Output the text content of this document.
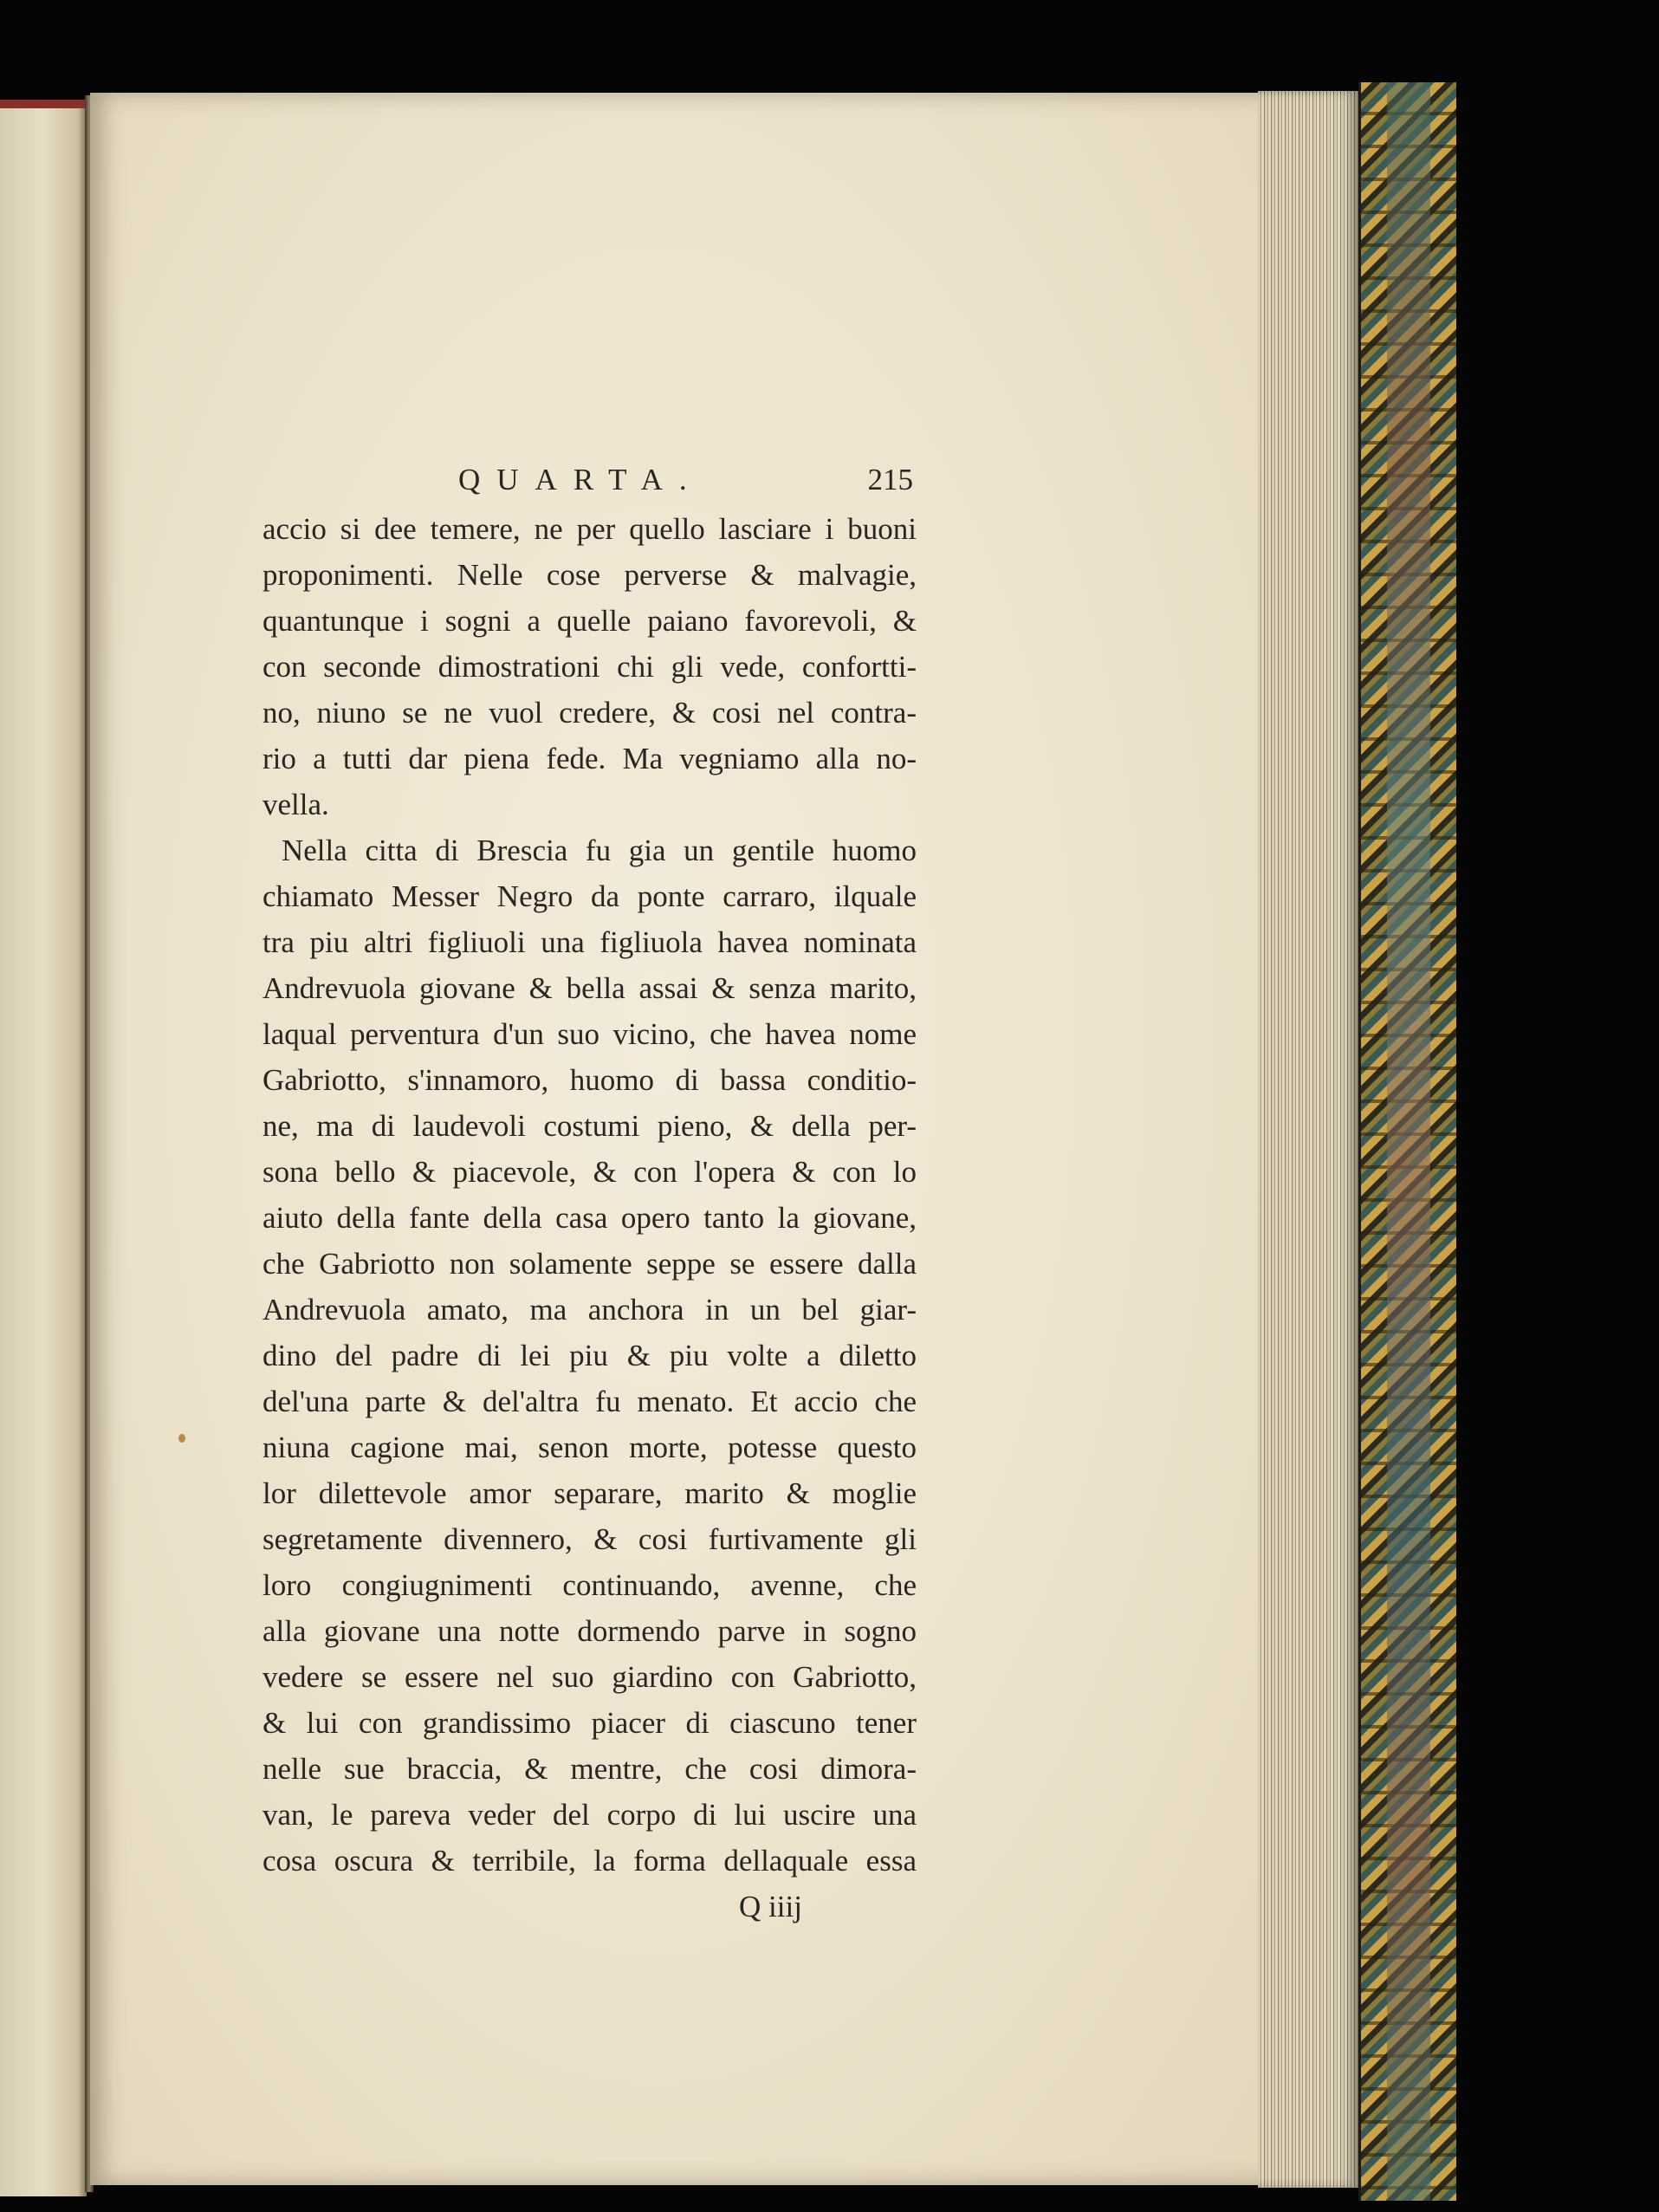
QUARTA.	215
accio si dee temere, ne per quello lasciare i buoni
proponimenti. Nelle cose perverse & malvagie,
quantunque i sogni a quelle paiano favorevoli, &
con seconde dimostrationi chi gli vede, confortti-
no, niuno se ne vuol credere, & cosi nel contra-
rio a tutti dar piena fede. Ma vegniamo alla no-
vella.
Nella citta di Brescia fu gia un gentile huomo
chiamato Messer Negro da ponte carraro, ilquale
tra piu altri figliuoli una figliuola havea nominata
Andrevuola giovane & bella assai & senza marito,
laqual perventura d'un suo vicino, che havea nome
Gabriotto, s'innamoro, huomo di bassa conditio-
ne, ma di laudevoli costumi pieno, & della per-
sona bello & piacevole, & con l'opera & con lo
aiuto della fante della casa opero tanto la giovane,
che Gabriotto non solamente seppe se essere dalla
Andrevuola amato, ma anchora in un bel giar-
dino del padre di lei piu & piu volte a diletto
del'una parte & del'altra fu menato. Et accio che
niuna cagione mai, senon morte, potesse questo
lor dilettevole amor separare, marito & moglie
segretamente divennero, & cosi furtivamente gli
loro congiugnimenti continuando, avenne, che
alla giovane una notte dormendo parve in sogno
vedere se essere nel suo giardino con Gabriotto,
& lui con grandissimo piacer di ciascuno tener
nelle sue braccia, & mentre, che cosi dimora-
van, le pareva veder del corpo di lui uscire una
cosa oscura & terribile, la forma dellaquale essa
Q iiij
